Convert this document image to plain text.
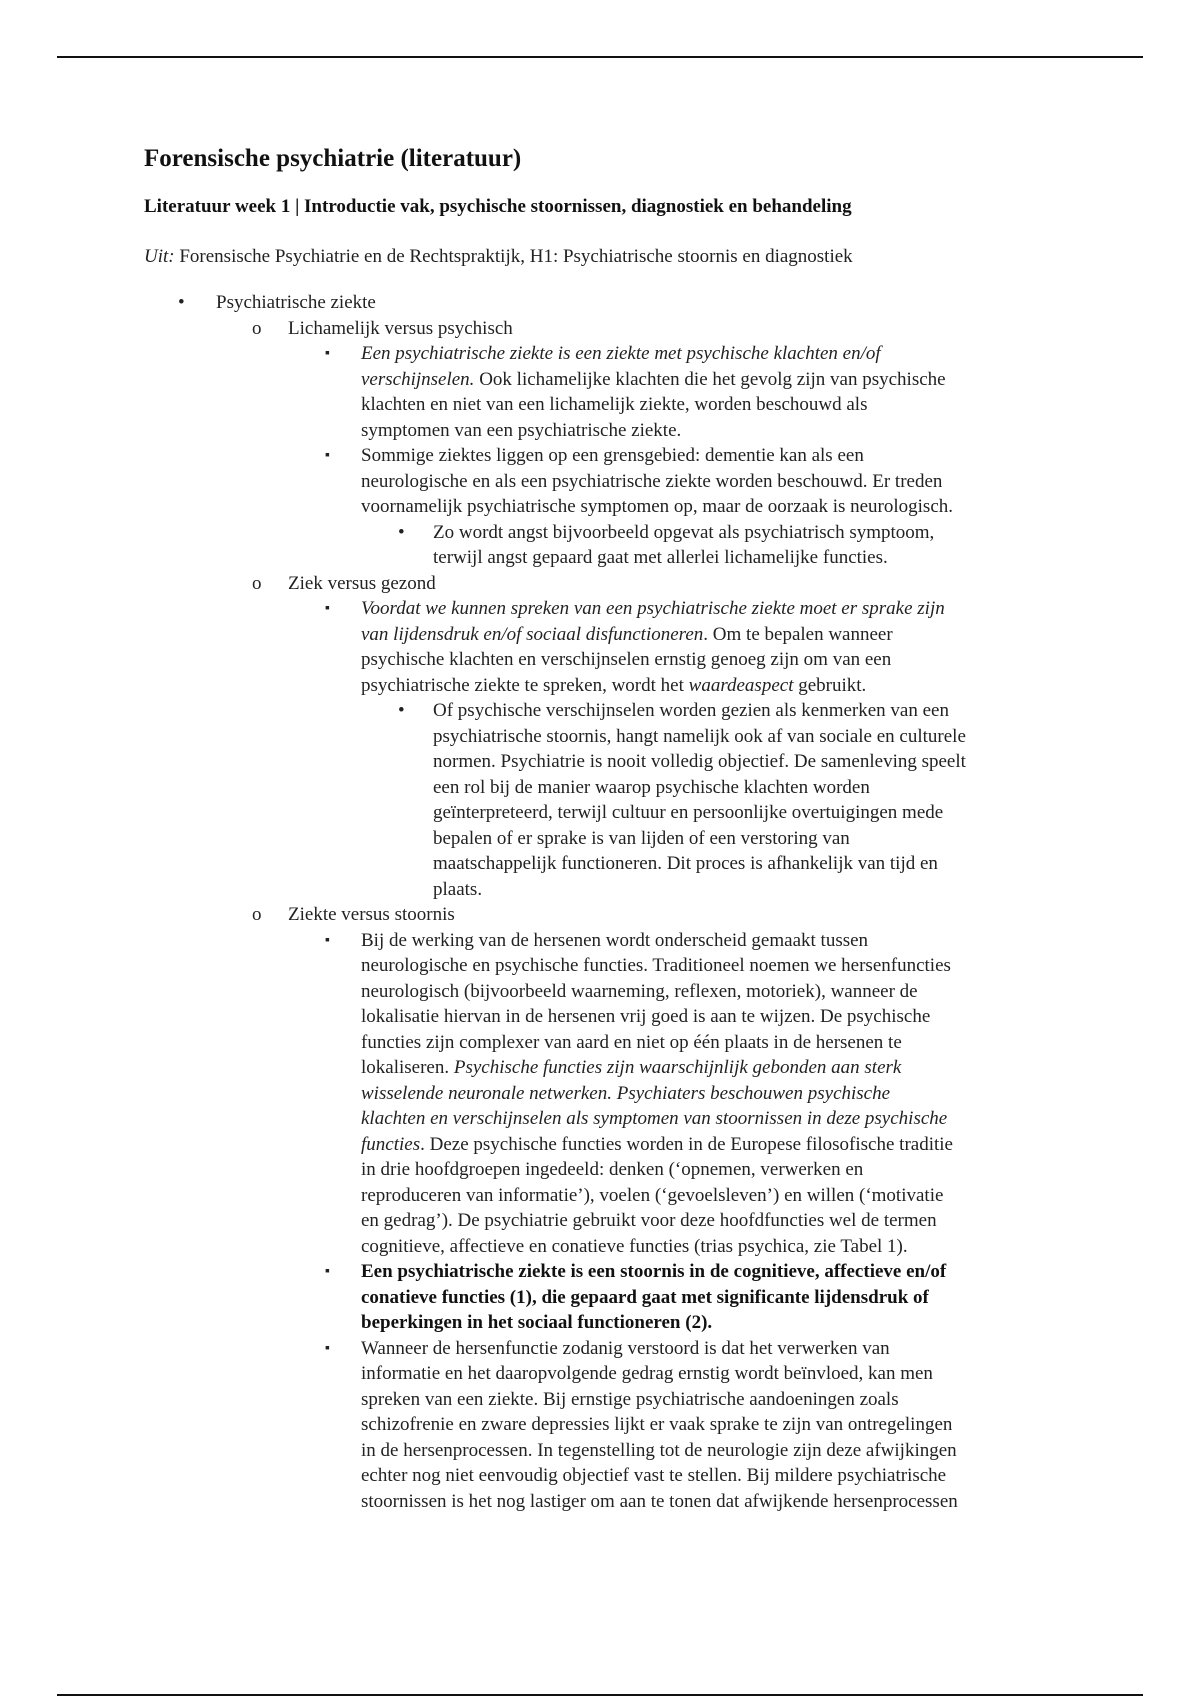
Forensische psychiatrie (literatuur)
Literatuur week 1 | Introductie vak, psychische stoornissen, diagnostiek en behandeling

Uit: Forensische Psychiatrie en de Rechtspraktijk, H1: Psychiatrische stoornis en diagnostiek

• Psychiatrische ziekte
o Lichamelijk versus psychisch
▪ Een psychiatrische ziekte is een ziekte met psychische klachten en/of
verschijnselen. Ook lichamelijke klachten die het gevolg zijn van psychische
klachten en niet van een lichamelijk ziekte, worden beschouwd als
symptomen van een psychiatrische ziekte.
▪ Sommige ziektes liggen op een grensgebied: dementie kan als een
neurologische en als een psychiatrische ziekte worden beschouwd. Er treden
voornamelijk psychiatrische symptomen op, maar de oorzaak is neurologisch.
• Zo wordt angst bijvoorbeeld opgevat als psychiatrisch symptoom,
terwijl angst gepaard gaat met allerlei lichamelijke functies.
o Ziek versus gezond
▪ Voordat we kunnen spreken van een psychiatrische ziekte moet er sprake zijn
van lijdensdruk en/of sociaal disfunctioneren. Om te bepalen wanneer
psychische klachten en verschijnselen ernstig genoeg zijn om van een
psychiatrische ziekte te spreken, wordt het waardeaspect gebruikt.
• Of psychische verschijnselen worden gezien als kenmerken van een
psychiatrische stoornis, hangt namelijk ook af van sociale en culturele
normen. Psychiatrie is nooit volledig objectief. De samenleving speelt
een rol bij de manier waarop psychische klachten worden
geïnterpreteerd, terwijl cultuur en persoonlijke overtuigingen mede
bepalen of er sprake is van lijden of een verstoring van
maatschappelijk functioneren. Dit proces is afhankelijk van tijd en
plaats.
o Ziekte versus stoornis
▪ Bij de werking van de hersenen wordt onderscheid gemaakt tussen
neurologische en psychische functies. Traditioneel noemen we hersenfuncties
neurologisch (bijvoorbeeld waarneming, reflexen, motoriek), wanneer de
lokalisatie hiervan in de hersenen vrij goed is aan te wijzen. De psychische
functies zijn complexer van aard en niet op één plaats in de hersenen te
lokaliseren. Psychische functies zijn waarschijnlijk gebonden aan sterk
wisselende neuronale netwerken. Psychiaters beschouwen psychische
klachten en verschijnselen als symptomen van stoornissen in deze psychische
functies. Deze psychische functies worden in de Europese filosofische traditie
in drie hoofdgroepen ingedeeld: denken (‘opnemen, verwerken en
reproduceren van informatie’), voelen (‘gevoelsleven’) en willen (‘motivatie
en gedrag’). De psychiatrie gebruikt voor deze hoofdfuncties wel de termen
cognitieve, affectieve en conatieve functies (trias psychica, zie Tabel 1).
▪ Een psychiatrische ziekte is een stoornis in de cognitieve, affectieve en/of
conatieve functies (1), die gepaard gaat met significante lijdensdruk of
beperkingen in het sociaal functioneren (2).
▪ Wanneer de hersenfunctie zodanig verstoord is dat het verwerken van
informatie en het daaropvolgende gedrag ernstig wordt beïnvloed, kan men
spreken van een ziekte. Bij ernstige psychiatrische aandoeningen zoals
schizofrenie en zware depressies lijkt er vaak sprake te zijn van ontregelingen
in de hersenprocessen. In tegenstelling tot de neurologie zijn deze afwijkingen
echter nog niet eenvoudig objectief vast te stellen. Bij mildere psychiatrische
stoornissen is het nog lastiger om aan te tonen dat afwijkende hersenprocessen
